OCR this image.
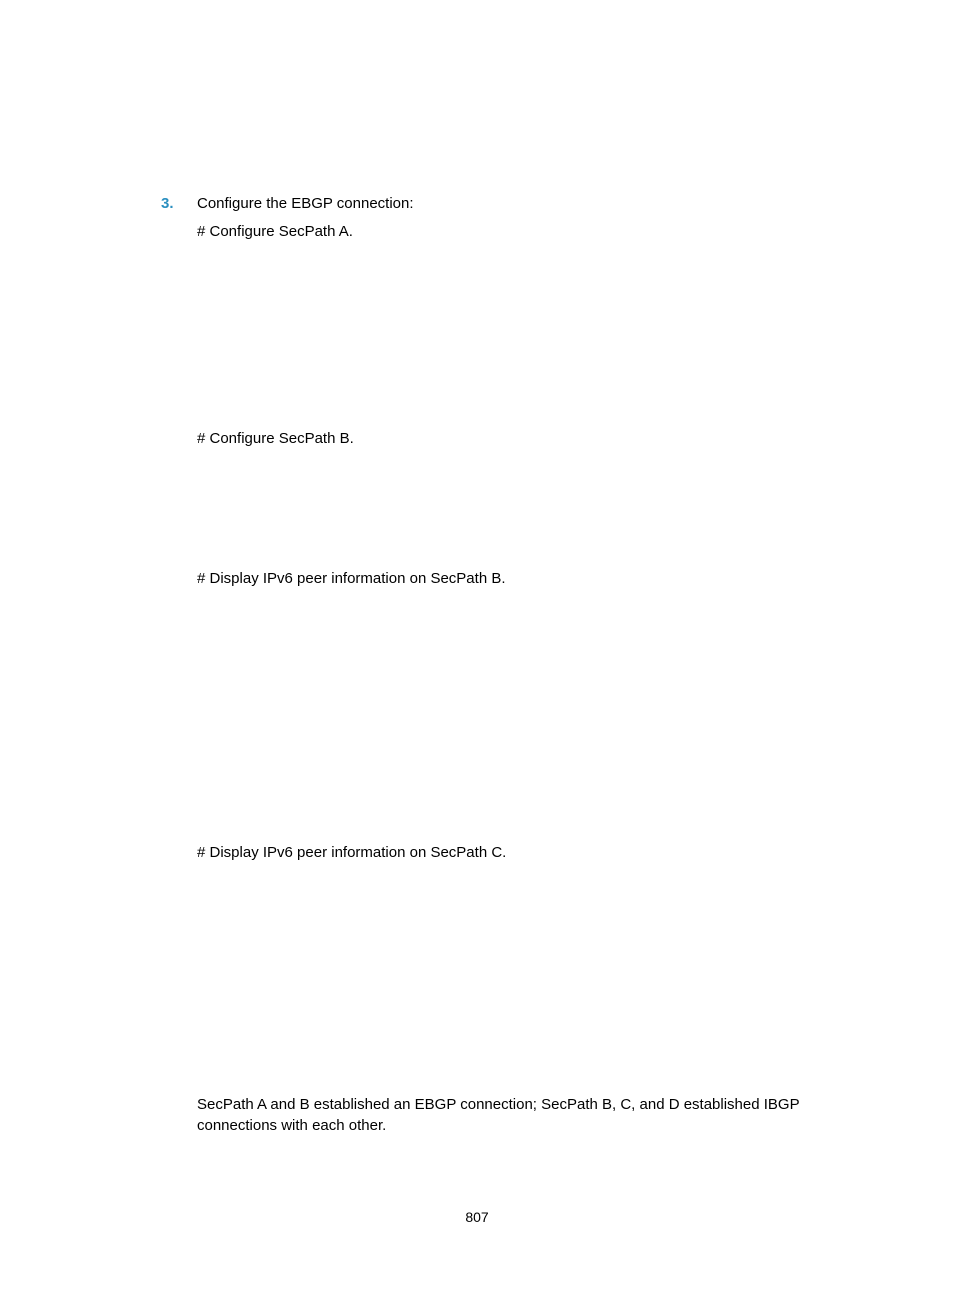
3. Configure the EBGP connection:
# Configure SecPath A.
# Configure SecPath B.
# Display IPv6 peer information on SecPath B.
# Display IPv6 peer information on SecPath C.
SecPath A and B established an EBGP connection; SecPath B, C, and D established IBGP connections with each other.
807
